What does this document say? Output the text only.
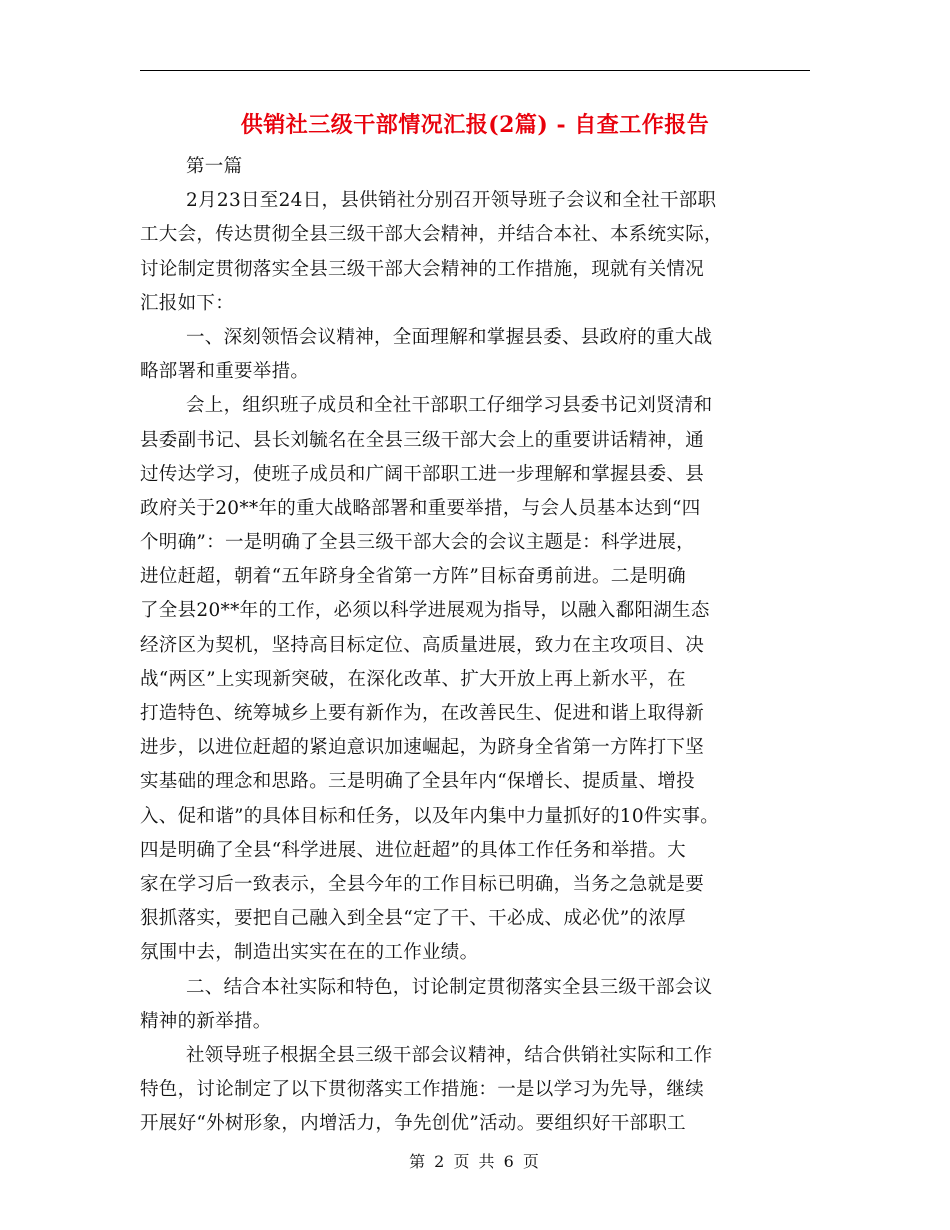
供销社三级干部情况汇报(2篇) - 自查工作报告
第一篇
2月23日至24日，县供销社分别召开领导班子会议和全社干部职
工大会，传达贯彻全县三级干部大会精神，并结合本社、本系统实际，
讨论制定贯彻落实全县三级干部大会精神的工作措施，现就有关情况
汇报如下：
一、深刻领悟会议精神，全面理解和掌握县委、县政府的重大战
略部署和重要举措。
会上，组织班子成员和全社干部职工仔细学习县委书记刘贤清和
县委副书记、县长刘毓名在全县三级干部大会上的重要讲话精神，通
过传达学习，使班子成员和广阔干部职工进一步理解和掌握县委、县
政府关于20**年的重大战略部署和重要举措，与会人员基本达到“四
个明确”：一是明确了全县三级干部大会的会议主题是：科学进展，
进位赶超，朝着“五年跻身全省第一方阵”目标奋勇前进。二是明确
了全县20**年的工作，必须以科学进展观为指导，以融入鄱阳湖生态
经济区为契机，坚持高目标定位、高质量进展，致力在主攻项目、决
战“两区”上实现新突破，在深化改革、扩大开放上再上新水平，在
打造特色、统筹城乡上要有新作为，在改善民生、促进和谐上取得新
进步，以进位赶超的紧迫意识加速崛起，为跻身全省第一方阵打下坚
实基础的理念和思路。三是明确了全县年内“保增长、提质量、增投
入、促和谐”的具体目标和任务，以及年内集中力量抓好的10件实事。
四是明确了全县“科学进展、进位赶超”的具体工作任务和举措。大
家在学习后一致表示，全县今年的工作目标已明确，当务之急就是要
狠抓落实，要把自己融入到全县“定了干、干必成、成必优”的浓厚
氛围中去，制造出实实在在的工作业绩。
二、结合本社实际和特色，讨论制定贯彻落实全县三级干部会议
精神的新举措。
社领导班子根据全县三级干部会议精神，结合供销社实际和工作
特色，讨论制定了以下贯彻落实工作措施：一是以学习为先导，继续
开展好“外树形象，内增活力，争先创优”活动。要组织好干部职工
第 2 页 共 6 页
